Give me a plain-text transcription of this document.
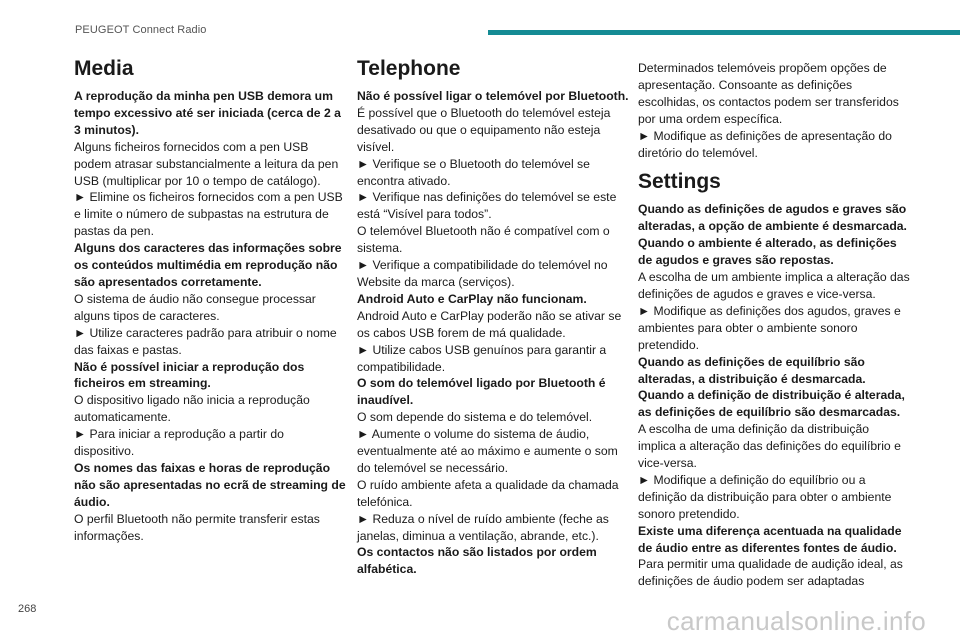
PEUGEOT Connect Radio
Media

A reprodução da minha pen USB demora um tempo excessivo até ser iniciada (cerca de 2 a 3 minutos).

Alguns ficheiros fornecidos com a pen USB podem atrasar substancialmente a leitura da pen USB (multiplicar por 10 o tempo de catálogo).

► Elimine os ficheiros fornecidos com a pen USB e limite o número de subpastas na estrutura de pastas da pen.

Alguns dos caracteres das informações sobre os conteúdos multimédia em reprodução não são apresentados corretamente.

O sistema de áudio não consegue processar alguns tipos de caracteres.

► Utilize caracteres padrão para atribuir o nome das faixas e pastas.

Não é possível iniciar a reprodução dos ficheiros em streaming.

O dispositivo ligado não inicia a reprodução automaticamente.

► Para iniciar a reprodução a partir do dispositivo.

Os nomes das faixas e horas de reprodução não são apresentadas no ecrã de streaming de áudio.

O perfil Bluetooth não permite transferir estas informações.

Telephone

Não é possível ligar o telemóvel por Bluetooth.

É possível que o Bluetooth do telemóvel esteja desativado ou que o equipamento não esteja visível.

► Verifique se o Bluetooth do telemóvel se encontra ativado.

► Verifique nas definições do telemóvel se este está “Visível para todos”.

O telemóvel Bluetooth não é compatível com o sistema.

► Verifique a compatibilidade do telemóvel no Website da marca (serviços).

Android Auto e CarPlay não funcionam.

Android Auto e CarPlay poderão não se ativar se os cabos USB forem de má qualidade.

► Utilize cabos USB genuínos para garantir a compatibilidade.

O som do telemóvel ligado por Bluetooth é inaudível.

O som depende do sistema e do telemóvel.

► Aumente o volume do sistema de áudio, eventualmente até ao máximo e aumente o som do telemóvel se necessário.

O ruído ambiente afeta a qualidade da chamada telefónica.

► Reduza o nível de ruído ambiente (feche as janelas, diminua a ventilação, abrande, etc.).

Os contactos não são listados por ordem alfabética.

Determinados telemóveis propõem opções de apresentação. Consoante as definições escolhidas, os contactos podem ser transferidos por uma ordem específica.

► Modifique as definições de apresentação do diretório do telemóvel.

Settings

Quando as definições de agudos e graves são alteradas, a opção de ambiente é desmarcada.

Quando o ambiente é alterado, as definições de agudos e graves são repostas.

A escolha de um ambiente implica a alteração das definições de agudos e graves e vice-versa.

► Modifique as definições dos agudos, graves e ambientes para obter o ambiente sonoro pretendido.

Quando as definições de equilíbrio são alteradas, a distribuição é desmarcada.

Quando a definição de distribuição é alterada, as definições de equilíbrio são desmarcadas.

A escolha de uma definição da distribuição implica a alteração das definições do equilíbrio e vice-versa.

► Modifique a definição do equilíbrio ou a definição da distribuição para obter o ambiente sonoro pretendido.

Existe uma diferença acentuada na qualidade de áudio entre as diferentes fontes de áudio.

Para permitir uma qualidade de audição ideal, as definições de áudio podem ser adaptadas

268	carmanualsonline.info
